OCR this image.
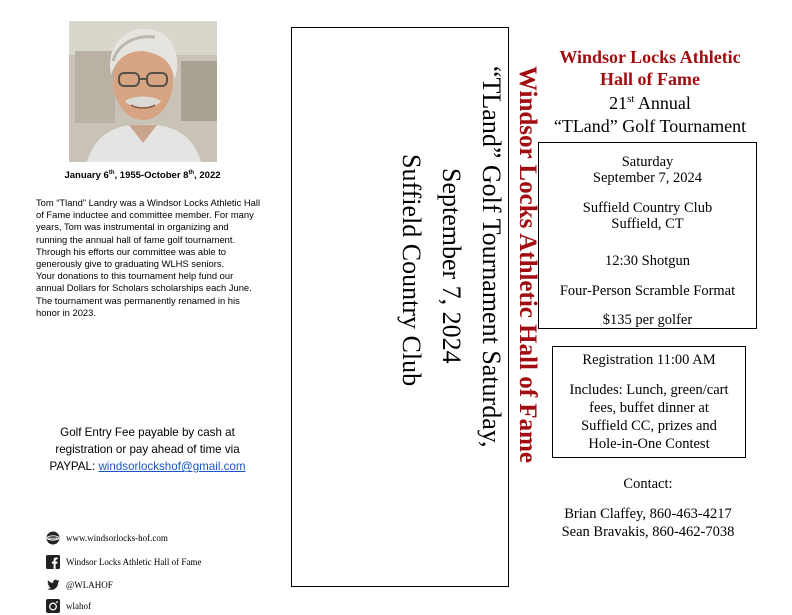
January 6th, 1955-October 8th, 2022

Tom “Tland” Landry was a Windsor Locks Athletic Hall of Fame inductee and committee member. For many years, Tom was instrumental in organizing and running the annual hall of fame golf tournament. Through his efforts our committee was able to generously give to graduating WLHS seniors.

Your donations to this tournament help fund our annual Dollars for Scholars scholarships each June. The tournament was permanently renamed in his honor in 2023.

Golf Entry Fee payable by cash at
registration or pay ahead of time via
PAYPAL: windsorlockshof@gmail.com
www www.windsorlocks-hof.com
Windsor Locks Athletic Hall of Fame
@WLAHOF
wlahof
Windsor Locks Athletic Hall of Fame
“TLand” Golf Tournament Saturday,
September 7, 2024
Suffield Country Club
Windsor Locks Athletic
Hall of Fame
21st Annual
“TLand” Golf Tournament
Saturday
September 7, 2024
Suffield Country Club
Suffield, CT
12:30 Shotgun
Four-Person Scramble Format
$135 per golfer
Registration 11:00 AM
Includes: Lunch, green/cart
fees, buffet dinner at
Suffield CC, prizes and
Hole-in-One Contest
Contact:
Brian Claffey, 860-463-4217
Sean Bravakis, 860-462-7038
